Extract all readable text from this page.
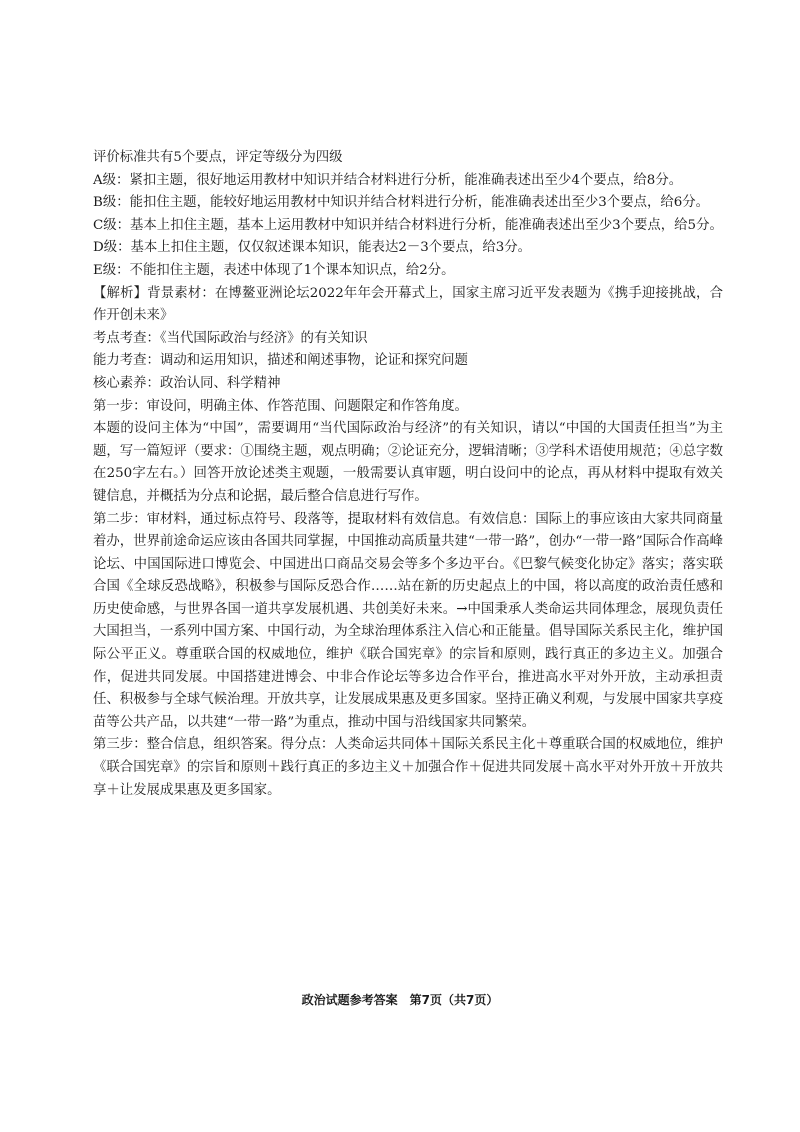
评价标准共有5个要点，评定等级分为四级

A级：紧扣主题，很好地运用教材中知识并结合材料进行分析，能准确表述出至少4个要点，给8分。

B级：能扣住主题，能较好地运用教材中知识并结合材料进行分析，能准确表述出至少3个要点，给6分。

C级：基本上扣住主题，基本上运用教材中知识并结合材料进行分析，能准确表述出至少3个要点，给5分。

D级：基本上扣住主题，仅仅叙述课本知识，能表达2－3个要点，给3分。

E级：不能扣住主题，表述中体现了1个课本知识点，给2分。

【解析】背景素材：在博鳌亚洲论坛2022年年会开幕式上，国家主席习近平发表题为《携手迎接挑战，合作开创未来》

考点考查：《当代国际政治与经济》的有关知识

能力考查：调动和运用知识，描述和阐述事物，论证和探究问题

核心素养：政治认同、科学精神

第一步：审设问，明确主体、作答范围、问题限定和作答角度。

本题的设问主体为“中国”，需要调用“当代国际政治与经济”的有关知识，请以“中国的大国责任担当”为主题，写一篇短评（要求：①围绕主题，观点明确；②论证充分，逻辑清晰；③学科术语使用规范；④总字数在250字左右。）回答开放论述类主观题，一般需要认真审题，明白设问中的论点，再从材料中提取有效关键信息，并概括为分点和论据，最后整合信息进行写作。

第二步：审材料，通过标点符号、段落等，提取材料有效信息。有效信息：国际上的事应该由大家共同商量着办，世界前途命运应该由各国共同掌握，中国推动高质量共建“一带一路”，创办“一带一路”国际合作高峰论坛、中国国际进口博览会、中国进出口商品交易会等多个多边平台。《巴黎气候变化协定》落实；落实联合国《全球反恐战略》，积极参与国际反恐合作……站在新的历史起点上的中国，将以高度的政治责任感和历史使命感，与世界各国一道共享发展机遇、共创美好未来。→中国秉承人类命运共同体理念，展现负责任大国担当，一系列中国方案、中国行动，为全球治理体系注入信心和正能量。倡导国际关系民主化，维护国际公平正义。尊重联合国的权威地位，维护《联合国宪章》的宗旨和原则，践行真正的多边主义。加强合作，促进共同发展。中国搭建进博会、中非合作论坛等多边合作平台，推进高水平对外开放，主动承担责任、积极参与全球气候治理。开放共享，让发展成果惠及更多国家。坚持正确义利观，与发展中国家共享疫苗等公共产品，以共建“一带一路”为重点，推动中国与沿线国家共同繁荣。

第三步：整合信息，组织答案。得分点：人类命运共同体＋国际关系民主化＋尊重联合国的权威地位，维护《联合国宪章》的宗旨和原则＋践行真正的多边主义＋加强合作＋促进共同发展＋高水平对外开放＋开放共享＋让发展成果惠及更多国家。

政治试题参考答案　第7页（共7页）
